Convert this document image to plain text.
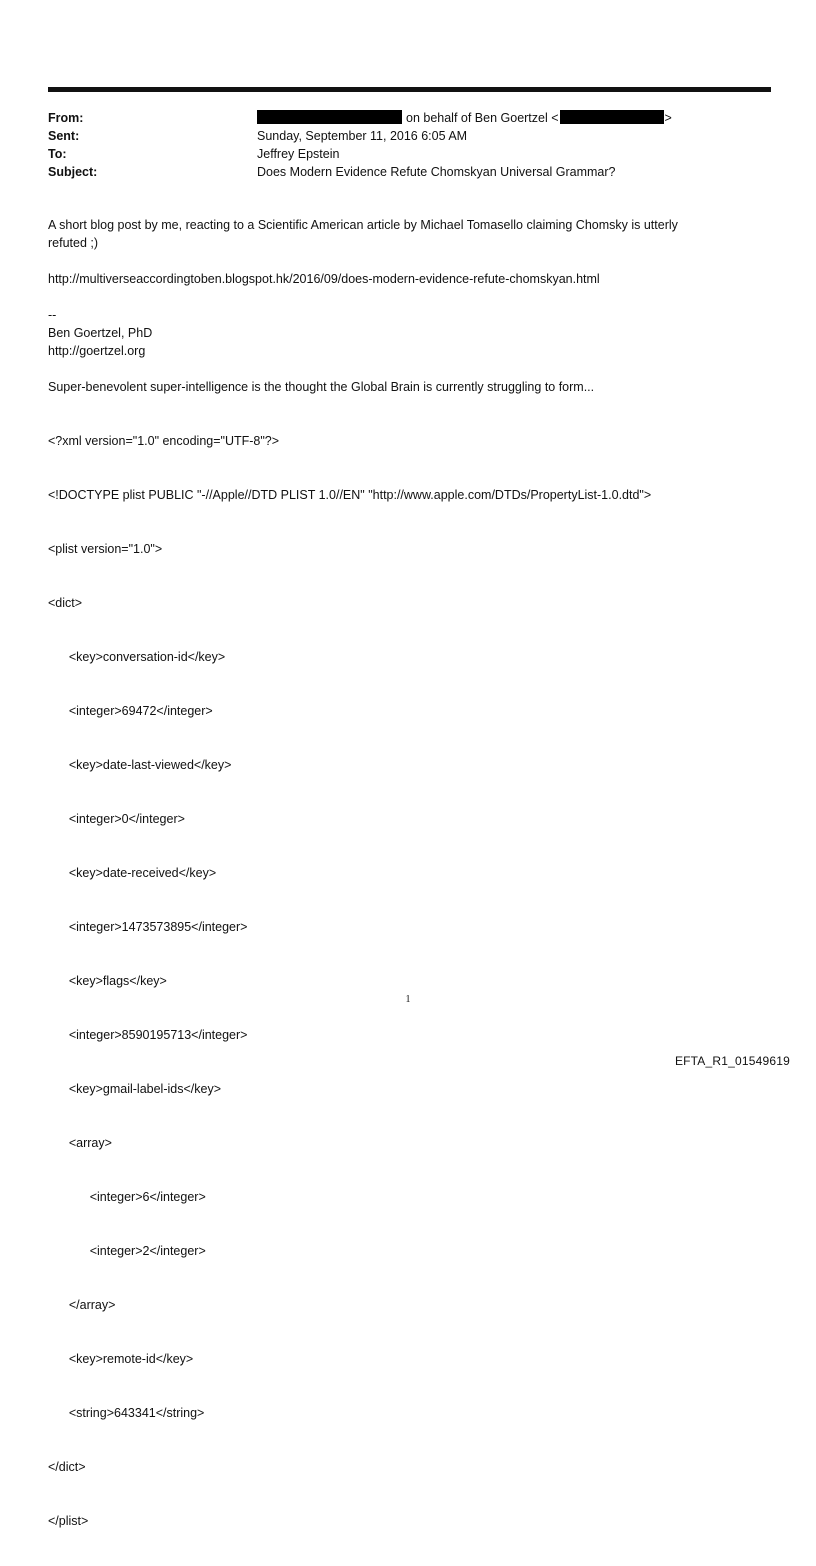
From:	on behalf of Ben Goertzel <	>
Sent:	Sunday, September 11, 2016 6:05 AM
To:	Jeffrey Epstein
Subject:	Does Modern Evidence Refute Chomskyan Universal Grammar?

A short blog post by me, reacting to a Scientific American article by Michael Tomasello claiming Chomsky is utterly

refuted ;)

http://multiverseaccordingtoben.blogspot.hk/2016/09/does-modern-evidence-refute-chomskyan.html

--

Ben Goertzel, PhD

http://goertzel.org

Super-benevolent super-intelligence is the thought the Global Brain is currently struggling to form...

<?xml version="1.0" encoding="UTF-8"?>

<!DOCTYPE plist PUBLIC "-//Apple//DTD PLIST 1.0//EN" "http://www.apple.com/DTDs/PropertyList-1.0.dtd">

<plist version="1.0">

<dict>

	<key>conversation-id</key>

	<integer>69472</integer>

	<key>date-last-viewed</key>

	<integer>0</integer>

	<key>date-received</key>

	<integer>1473573895</integer>

	<key>flags</key>

	<integer>8590195713</integer>

	<key>gmail-label-ids</key>

	<array>

		<integer>6</integer>

		<integer>2</integer>

	</array>

	<key>remote-id</key>

	<string>643341</string>

</dict>

</plist>

1
EFTA_R1_01549619
